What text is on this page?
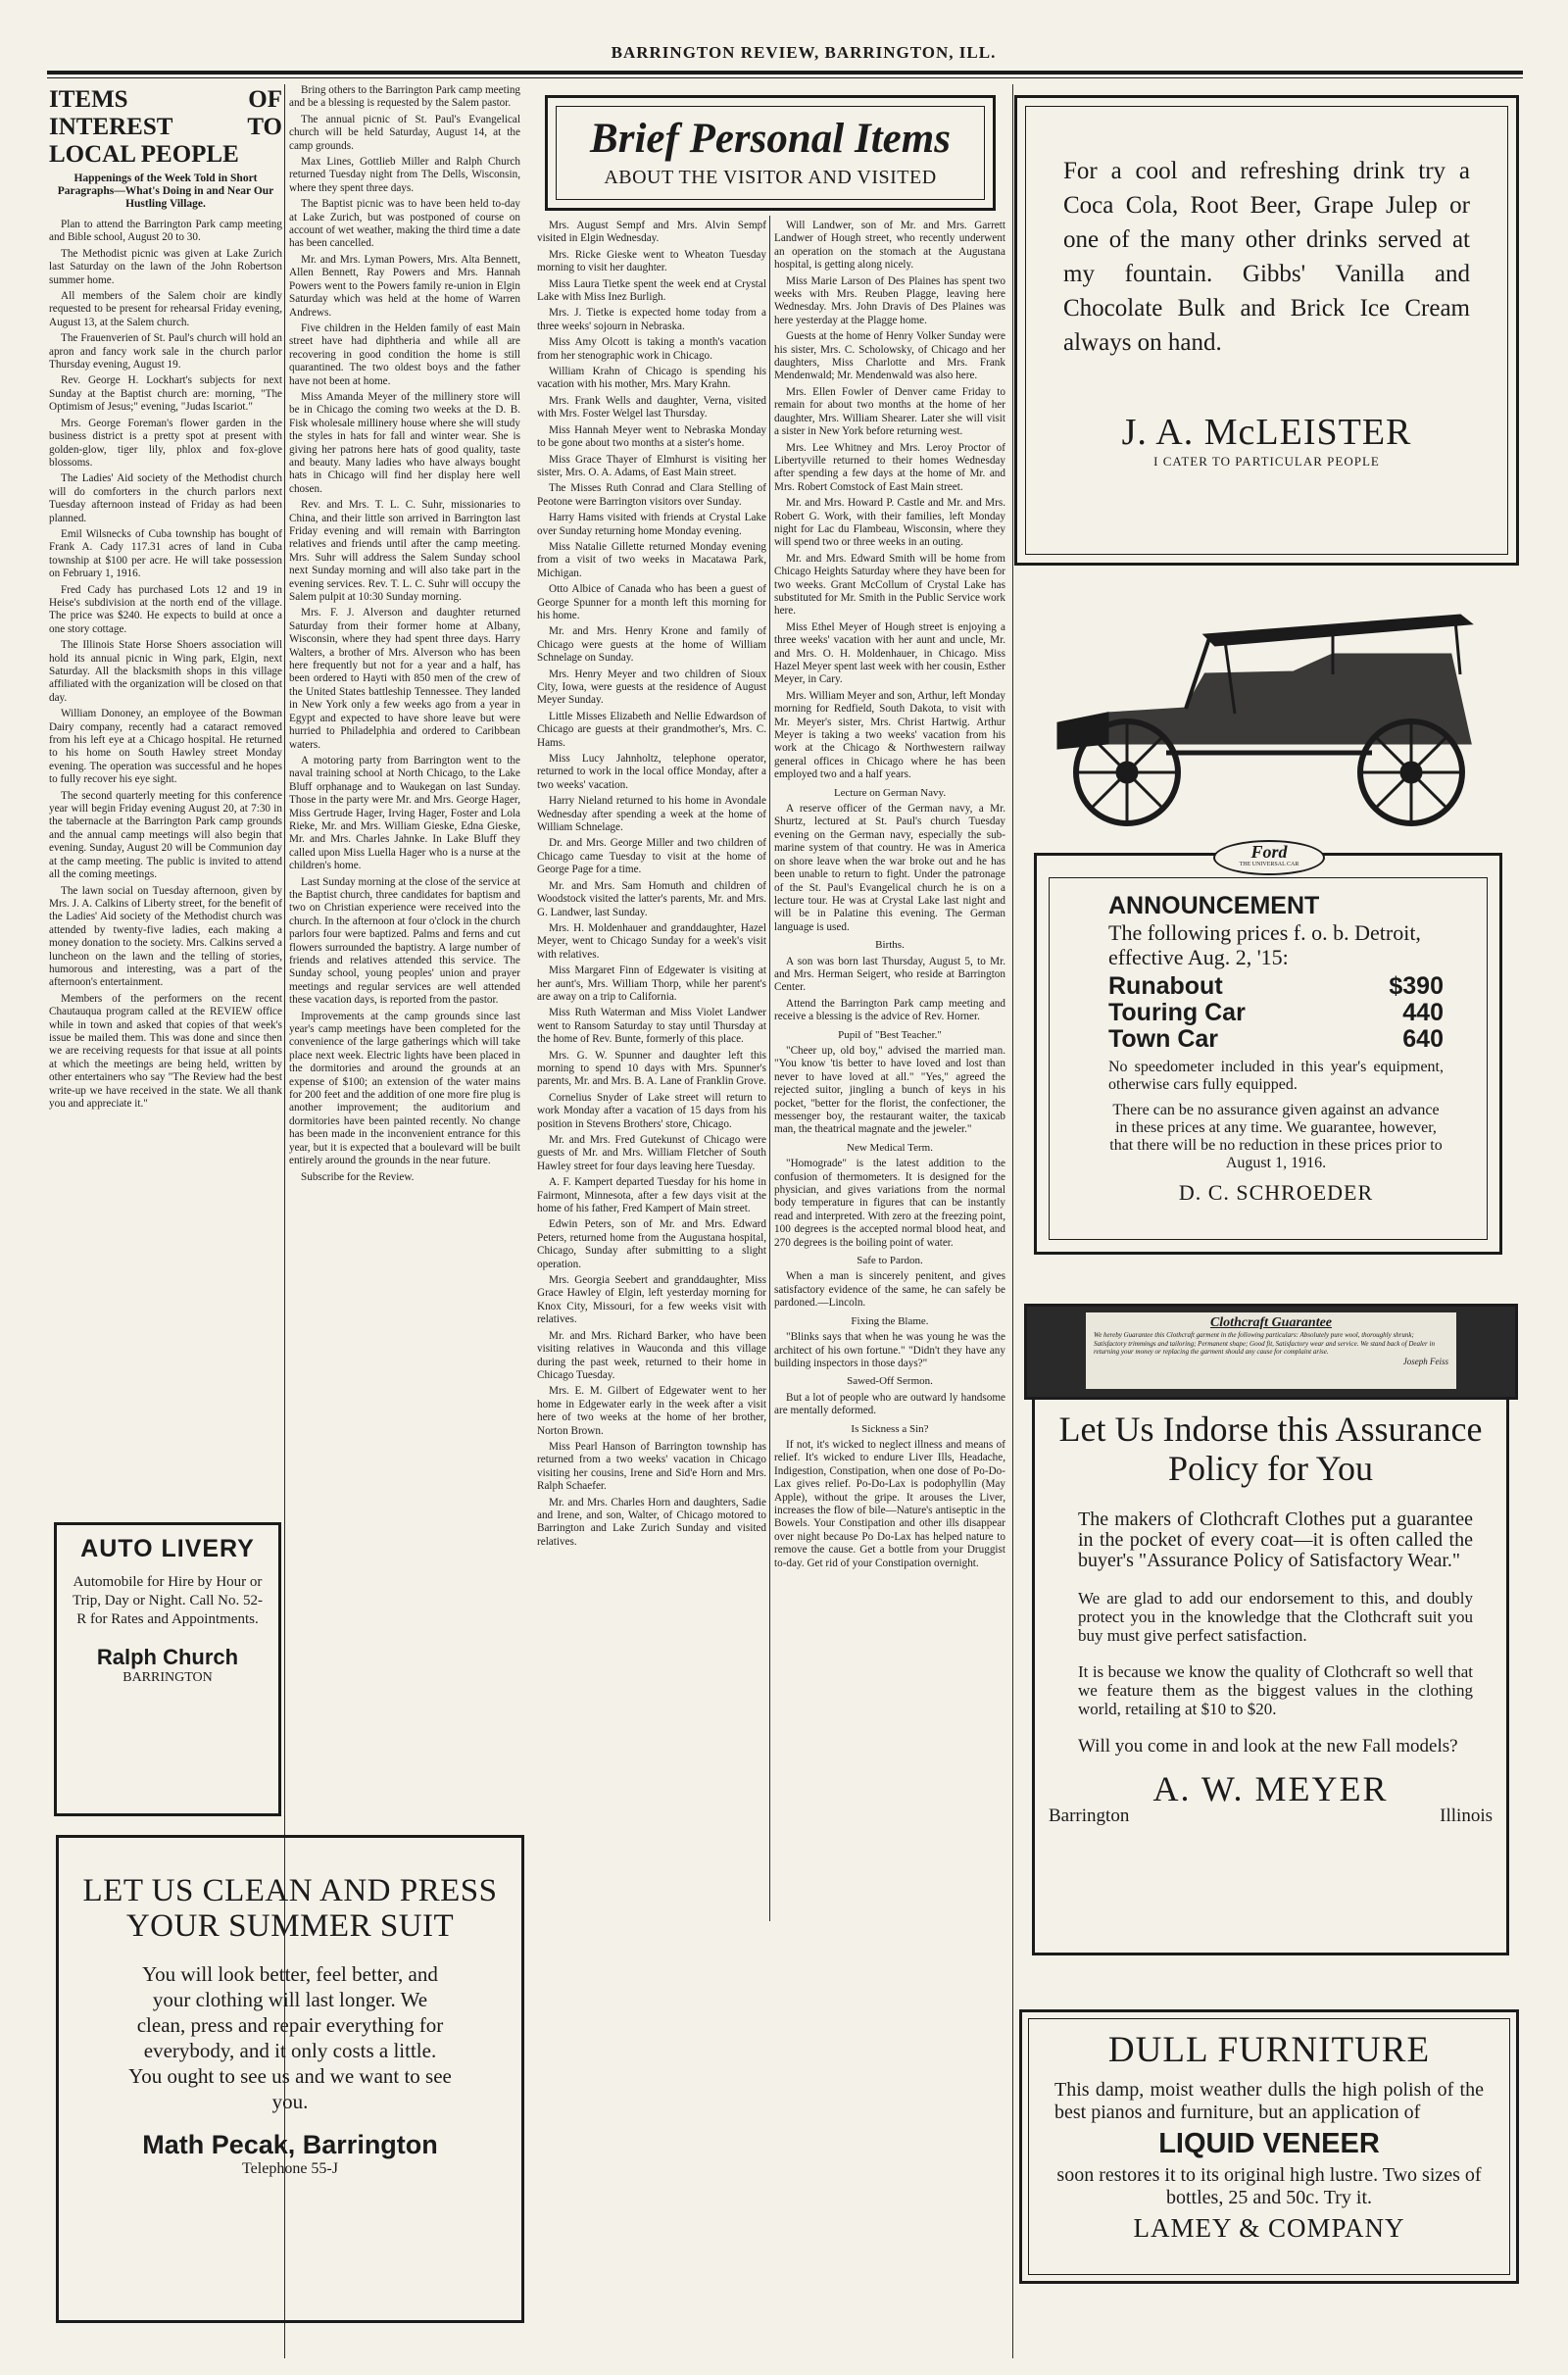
BARRINGTON REVIEW, BARRINGTON, ILL.
ITEMS OF INTEREST TO LOCAL PEOPLE
Happenings of the Week Told in Short Paragraphs—What's Doing in and Near Our Hustling Village.

Plan to attend the Barrington Park camp meeting and Bible school, August 20 to 30.

The Methodist picnic was given at Lake Zurich last Saturday on the lawn of the John Robertson summer home.

All members of the Salem choir are kindly requested to be present for rehearsal Friday evening, August 13, at the Salem church.

The Frauenverien of St. Paul's church will hold an apron and fancy work sale in the church parlor Thursday evening, August 19.

Rev. George H. Lockhart's subjects for next Sunday at the Baptist church are: morning, "The Optimism of Jesus;" evening, "Judas Iscariot."

Mrs. George Foreman's flower garden in the business district is a pretty spot at present with golden-glow, tiger lily, phlox and fox-glove blossoms.

The Ladies' Aid society of the Methodist church will do comforters in the church parlors next Tuesday afternoon instead of Friday as had been planned.

Emil Wilsnecks of Cuba township has bought of Frank A. Cady 117.31 acres of land in Cuba township at $100 per acre. He will take possession on February 1, 1916.

Fred Cady has purchased Lots 12 and 19 in Heise's subdivision at the north end of the village. The price was $240. He expects to build at once a one story cottage.

The Illinois State Horse Shoers association will hold its annual picnic in Wing park, Elgin, next Saturday. All the blacksmith shops in this village affiliated with the organization will be closed on that day.

William Dononey, an employee of the Bowman Dairy company, recently had a cataract removed from his left eye at a Chicago hospital. He returned to his home on South Hawley street Monday evening. The operation was successful and he hopes to fully recover his eye sight.

The second quarterly meeting for this conference year will begin Friday evening August 20, at 7:30 in the tabernacle at the Barrington Park camp grounds and the annual camp meetings will also begin that evening. Sunday, August 20 will be Communion day at the camp meeting. The public is invited to attend all the coming meetings.

The lawn social on Tuesday afternoon, given by Mrs. J. A. Calkins of Liberty street, for the benefit of the Ladies' Aid society of the Methodist church was attended by twenty-five ladies, each making a money donation to the society. Mrs. Calkins served a luncheon on the lawn and the telling of stories, humorous and interesting, was a part of the afternoon's entertainment.

Members of the performers on the recent Chautauqua program called at the REVIEW office while in town and asked that copies of that week's issue be mailed them. This was done and since then we are receiving requests for that issue at all points at which the meetings are being held, written by other entertainers who say "The Review had the best write-up we have received in the state. We all thank you and appreciate it."

AUTO LIVERY
Automobile for Hire by Hour or Trip, Day or Night. Call No. 52-R for Rates and Appointments.
Ralph Church
BARRINGTON

Bring others to the Barrington Park camp meeting and be a blessing is requested by the Salem pastor.

The annual picnic of St. Paul's Evangelical church will be held Saturday, August 14, at the camp grounds.

Max Lines, Gottlieb Miller and Ralph Church returned Tuesday night from The Dells, Wisconsin, where they spent three days.

The Baptist picnic was to have been held to-day at Lake Zurich, but was postponed of course on account of wet weather, making the third time a date has been cancelled.

Mr. and Mrs. Lyman Powers, Mrs. Alta Bennett, Allen Bennett, Ray Powers and Mrs. Hannah Powers went to the Powers family re-union in Elgin Saturday which was held at the home of Warren Andrews.

Five children in the Helden family of east Main street have had diphtheria and while all are recovering in good condition the home is still quarantined. The two oldest boys and the father have not been at home.

Miss Amanda Meyer of the millinery store will be in Chicago the coming two weeks at the D. B. Fisk wholesale millinery house where she will study the styles in hats for fall and winter wear. She is giving her patrons here hats of good quality, taste and beauty. Many ladies who have always bought hats in Chicago will find her display here well chosen.

Rev. and Mrs. T. L. C. Suhr, missionaries to China, and their little son arrived in Barrington last Friday evening and will remain with Barrington relatives and friends until after the camp meeting. Mrs. Suhr will address the Salem Sunday school next Sunday morning and will also take part in the evening services. Rev. T. L. C. Suhr will occupy the Salem pulpit at 10:30 Sunday morning.

Mrs. F. J. Alverson and daughter returned Saturday from their former home at Albany, Wisconsin, where they had spent three days. Harry Walters, a brother of Mrs. Alverson who has been here frequently but not for a year and a half, has been ordered to Hayti with 850 men of the crew of the United States battleship Tennessee. They landed in New York only a few weeks ago from a year in Egypt and expected to have shore leave but were hurried to Philadelphia and ordered to Caribbean waters.

A motoring party from Barrington went to the naval training school at North Chicago, to the Lake Bluff orphanage and to Waukegan on last Sunday. Those in the party were Mr. and Mrs. George Hager, Miss Gertrude Hager, Irving Hager, Foster and Lola Rieke, Mr. and Mrs. William Gieske, Edna Gieske, Mr. and Mrs. Charles Jahnke. In Lake Bluff they called upon Miss Luella Hager who is a nurse at the children's home.

Last Sunday morning at the close of the service at the Baptist church, three candidates for baptism and two on Christian experience were received into the church. In the afternoon at four o'clock in the church parlors four were baptized. Palms and ferns and cut flowers surrounded the baptistry. A large number of friends and relatives attended this service. The Sunday school, young peoples' union and prayer meetings and regular services are well attended these vacation days, is reported from the pastor.

Improvements at the camp grounds since last year's camp meetings have been completed for the convenience of the large gatherings which will take place next week. Electric lights have been placed in the dormitories and around the grounds at an expense of $100; an extension of the water mains for 200 feet and the addition of one more fire plug is another improvement; the auditorium and dormitories have been painted recently. No change has been made in the inconvenient entrance for this year, but it is expected that a boulevard will be built entirely around the grounds in the near future.

Subscribe for the Review.

LET US CLEAN AND PRESS YOUR SUMMER SUIT
You will look better, feel better, and your clothing will last longer. We clean, press and repair everything for everybody, and it only costs a little. You ought to see us and we want to see you.
Math Pecak, Barrington
Telephone 55-J
Brief Personal Items
ABOUT THE VISITOR AND VISITED

Mrs. August Sempf and Mrs. Alvin Sempf visited in Elgin Wednesday.

Mrs. Ricke Gieske went to Wheaton Tuesday morning to visit her daughter.

Miss Laura Tietke spent the week end at Crystal Lake with Miss Inez Burligh.

Mrs. J. Tietke is expected home today from a three weeks' sojourn in Nebraska.

Miss Amy Olcott is taking a month's vacation from her stenographic work in Chicago.

William Krahn of Chicago is spending his vacation with his mother, Mrs. Mary Krahn.

Mrs. Frank Wells and daughter, Verna, visited with Mrs. Foster Welgel last Thursday.

Miss Hannah Meyer went to Nebraska Monday to be gone about two months at a sister's home.

Miss Grace Thayer of Elmhurst is visiting her sister, Mrs. O. A. Adams, of East Main street.

The Misses Ruth Conrad and Clara Stelling of Peotone were Barrington visitors over Sunday.

Harry Hams visited with friends at Crystal Lake over Sunday returning home Monday evening.

Miss Natalie Gillette returned Monday evening from a visit of two weeks in Macatawa Park, Michigan.

Otto Albice of Canada who has been a guest of George Spunner for a month left this morning for his home.

Mr. and Mrs. Henry Krone and family of Chicago were guests at the home of William Schnelage on Sunday.

Mrs. Henry Meyer and two children of Sioux City, Iowa, were guests at the residence of August Meyer Sunday.

Little Misses Elizabeth and Nellie Edwardson of Chicago are guests at their grandmother's, Mrs. C. Hams.

Miss Lucy Jahnholtz, telephone operator, returned to work in the local office Monday, after a two weeks' vacation.

Harry Nieland returned to his home in Avondale Wednesday after spending a week at the home of William Schnelage.

Dr. and Mrs. George Miller and two children of Chicago came Tuesday to visit at the home of George Page for a time.

Mr. and Mrs. Sam Homuth and children of Woodstock visited the latter's parents, Mr. and Mrs. G. Landwer, last Sunday.

Mrs. H. Moldenhauer and granddaughter, Hazel Meyer, went to Chicago Sunday for a week's visit with relatives.

Miss Margaret Finn of Edgewater is visiting at her aunt's, Mrs. William Thorp, while her parent's are away on a trip to California.

Miss Ruth Waterman and Miss Violet Landwer went to Ransom Saturday to stay until Thursday at the home of Rev. Bunte, formerly of this place.

Mrs. G. W. Spunner and daughter left this morning to spend 10 days with Mrs. Spunner's parents, Mr. and Mrs. B. A. Lane of Franklin Grove.

Cornelius Snyder of Lake street will return to work Monday after a vacation of 15 days from his position in Stevens Brothers' store, Chicago.

Mr. and Mrs. Fred Gutekunst of Chicago were guests of Mr. and Mrs. William Fletcher of South Hawley street for four days leaving here Tuesday.

A. F. Kampert departed Tuesday for his home in Fairmont, Minnesota, after a few days visit at the home of his father, Fred Kampert of Main street.

Edwin Peters, son of Mr. and Mrs. Edward Peters, returned home from the Augustana hospital, Chicago, Sunday after submitting to a slight operation.

Mrs. Georgia Seebert and granddaughter, Miss Grace Hawley of Elgin, left yesterday morning for Knox City, Missouri, for a few weeks visit with relatives.

Mr. and Mrs. Richard Barker, who have been visiting relatives in Wauconda and this village during the past week, returned to their home in Chicago Tuesday.

Mrs. E. M. Gilbert of Edgewater went to her home in Edgewater early in the week after a visit here of two weeks at the home of her brother, Norton Brown.

Miss Pearl Hanson of Barrington township has returned from a two weeks' vacation in Chicago visiting her cousins, Irene and Sid'e Horn and Mrs. Ralph Schaefer.

Mr. and Mrs. Charles Horn and daughters, Sadie and Irene, and son, Walter, of Chicago motored to Barrington and Lake Zurich Sunday and visited relatives.

Will Landwer, son of Mr. and Mrs. Garrett Landwer of Hough street, who recently underwent an operation on the stomach at the Augustana hospital, is getting along nicely.

Miss Marie Larson of Des Plaines has spent two weeks with Mrs. Reuben Plagge, leaving here Wednesday. Mrs. John Dravis of Des Plaines was here yesterday at the Plagge home.

Guests at the home of Henry Volker Sunday were his sister, Mrs. C. Scholowsky, of Chicago and her daughters, Miss Charlotte and Mrs. Frank Mendenwald; Mr. Mendenwald was also here.

Mrs. Ellen Fowler of Denver came Friday to remain for about two months at the home of her daughter, Mrs. William Shearer. Later she will visit a sister in New York before returning west.

Mrs. Lee Whitney and Mrs. Leroy Proctor of Libertyville returned to their homes Wednesday after spending a few days at the home of Mr. and Mrs. Robert Comstock of East Main street.

Mr. and Mrs. Howard P. Castle and Mr. and Mrs. Robert G. Work, with their families, left Monday night for Lac du Flambeau, Wisconsin, where they will spend two or three weeks in an outing.

Mr. and Mrs. Edward Smith will be home from Chicago Heights Saturday where they have been for two weeks. Grant McCollum of Crystal Lake has substituted for Mr. Smith in the Public Service work here.

Miss Ethel Meyer of Hough street is enjoying a three weeks' vacation with her aunt and uncle, Mr. and Mrs. O. H. Moldenhauer, in Chicago. Miss Hazel Meyer spent last week with her cousin, Esther Meyer, in Cary.

Mrs. William Meyer and son, Arthur, left Monday morning for Redfield, South Dakota, to visit with Mr. Meyer's sister, Mrs. Christ Hartwig. Arthur Meyer is taking a two weeks' vacation from his work at the Chicago & Northwestern railway general offices in Chicago where he has been employed two and a half years.

Lecture on German Navy.

A reserve officer of the German navy, a Mr. Shurtz, lectured at St. Paul's church Tuesday evening on the German navy, especially the sub-marine system of that country. He was in America on shore leave when the war broke out and he has been unable to return to fight. Under the patronage of the St. Paul's Evangelical church he is on a lecture tour. He was at Crystal Lake last night and will be in Palatine this evening. The German language is used.

Births.

A son was born last Thursday, August 5, to Mr. and Mrs. Herman Seigert, who reside at Barrington Center.

Attend the Barrington Park camp meeting and receive a blessing is the advice of Rev. Horner.

Pupil of "Best Teacher."

"Cheer up, old boy," advised the married man. "You know 'tis better to have loved and lost than never to have loved at all." "Yes," agreed the rejected suitor, jingling a bunch of keys in his pocket, "better for the florist, the confectioner, the messenger boy, the restaurant waiter, the taxicab man, the theatrical magnate and the jeweler."

New Medical Term.

"Homograde" is the latest addition to the confusion of thermometers. It is designed for the physician, and gives variations from the normal body temperature in figures that can be instantly read and interpreted. With zero at the freezing point, 100 degrees is the accepted normal blood heat, and 270 degrees is the boiling point of water.

Safe to Pardon.

When a man is sincerely penitent, and gives satisfactory evidence of the same, he can safely be pardoned.—Lincoln.

Fixing the Blame.

"Blinks says that when he was young he was the architect of his own fortune." "Didn't they have any building inspectors in those days?"

Sawed-Off Sermon.

But a lot of people who are outward ly handsome are mentally deformed.

Is Sickness a Sin?

If not, it's wicked to neglect illness and means of relief. It's wicked to endure Liver Ills, Headache, Indigestion, Constipation, when one dose of Po-Do-Lax gives relief. Po-Do-Lax is podophyllin (May Apple), without the gripe. It arouses the Liver, increases the flow of bile—Nature's antiseptic in the Bowels. Your Constipation and other ills disappear over night because Po Do-Lax has helped nature to remove the cause. Get a bottle from your Druggist to-day. Get rid of your Constipation overnight.

For a cool and refreshing drink try a Coca Cola, Root Beer, Grape Julep or one of the many other drinks served at my fountain. Gibbs' Vanilla and Chocolate Bulk and Brick Ice Cream always on hand.
J. A. McLEISTER
I CATER TO PARTICULAR PEOPLE
Ford
THE UNIVERSAL CAR
ANNOUNCEMENT
The following prices f. o. b. Detroit, effective Aug. 2, '15:
Runabout	$390
Touring Car	440
Town Car	640
No speedometer included in this year's equipment, otherwise cars fully equipped.
There can be no assurance given against an advance in these prices at any time. We guarantee, however, that there will be no reduction in these prices prior to August 1, 1916.
D. C. SCHROEDER
Clothcraft Guarantee
We hereby Guarantee this Clothcraft garment in the following particulars: Absolutely pure wool, thoroughly shrunk; Satisfactory trimmings and tailoring; Permanent shape; Good fit, Satisfactory wear and service. We stand back of Dealer in returning your money or replacing the garment should any cause for complaint arise.
Joseph Feiss
Let Us Indorse this Assurance Policy for You
The makers of Clothcraft Clothes put a guarantee in the pocket of every coat—it is often called the buyer's "Assurance Policy of Satisfactory Wear."
We are glad to add our endorsement to this, and doubly protect you in the knowledge that the Clothcraft suit you buy must give perfect satisfaction.
It is because we know the quality of Clothcraft so well that we feature them as the biggest values in the clothing world, retailing at $10 to $20.
Will you come in and look at the new Fall models?
A. W. MEYER
Barrington	Illinois
DULL FURNITURE
This damp, moist weather dulls the high polish of the best pianos and furniture, but an application of
LIQUID VENEER
soon restores it to its original high lustre. Two sizes of bottles, 25 and 50c. Try it.
LAMEY & COMPANY
